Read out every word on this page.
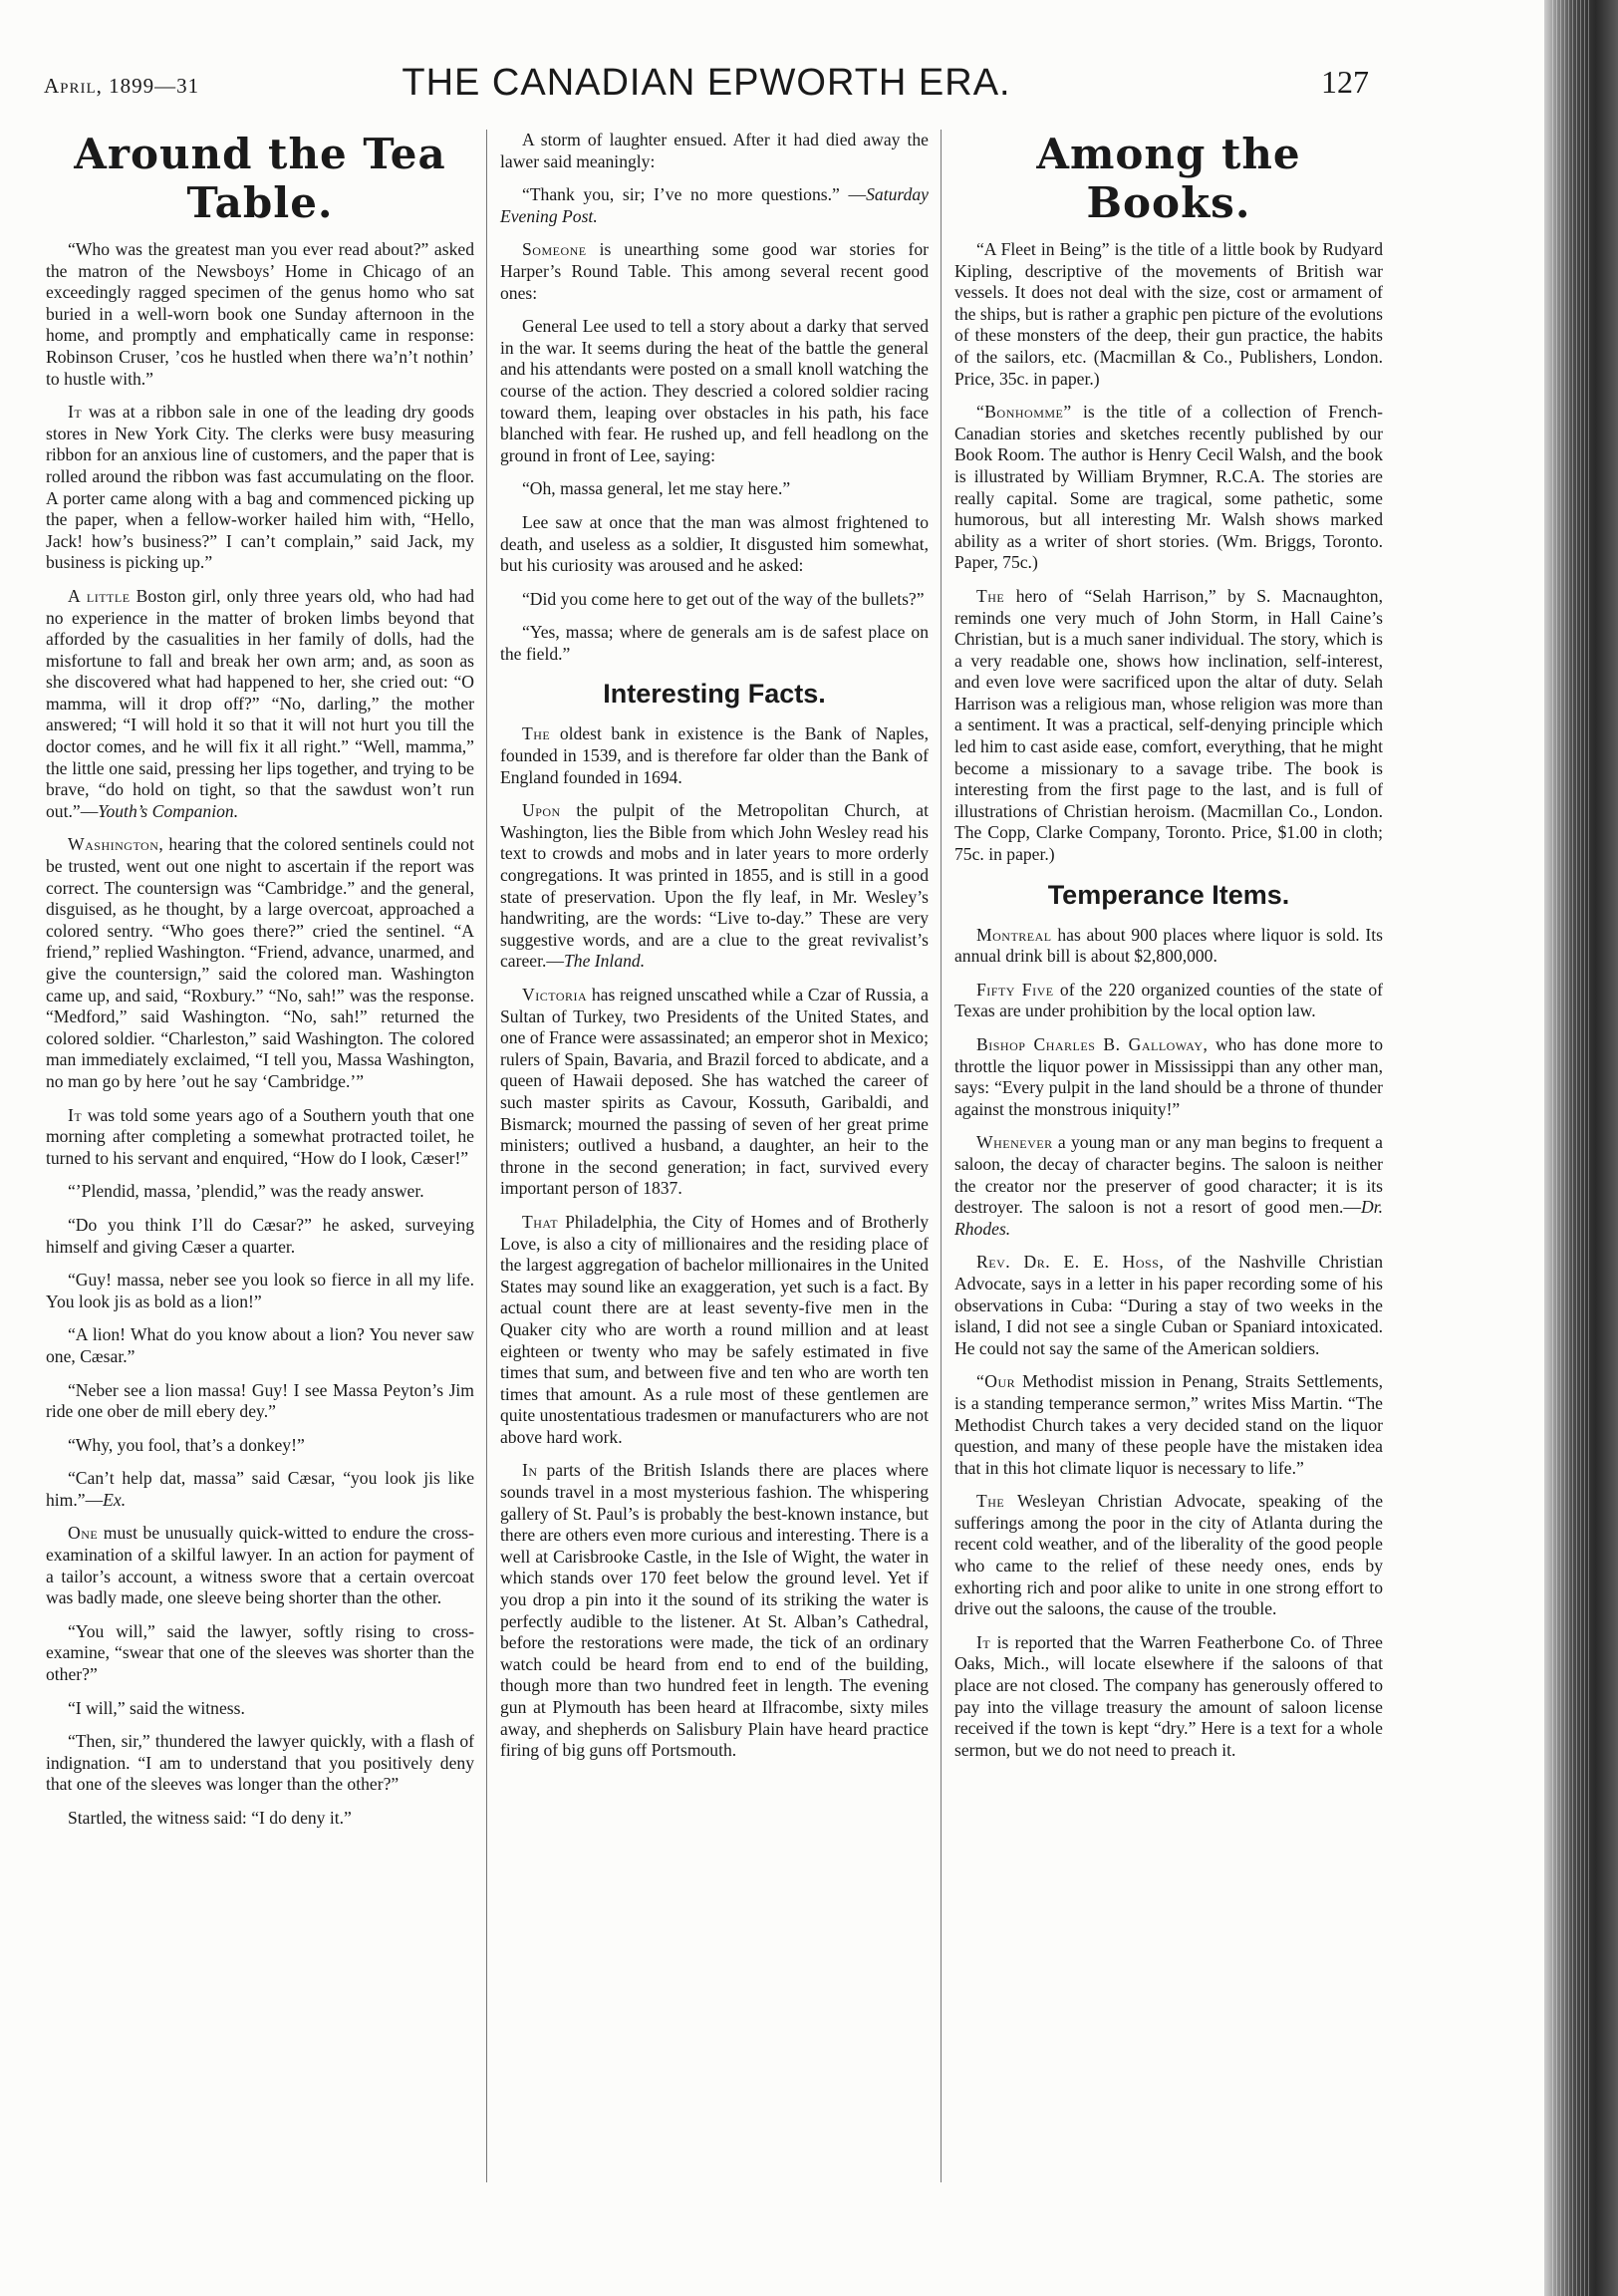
April, 1899—31	THE CANADIAN EPWORTH ERA.	127
Around the Tea Table.

“Who was the greatest man you ever read about?” asked the matron of the Newsboys’ Home in Chicago of an exceedingly ragged specimen of the genus homo who sat buried in a well-worn book one Sunday afternoon in the home, and promptly and emphatically came in response: Robinson Cruser, ’cos he hustled when there wa’n’t nothin’ to hustle with.”

It was at a ribbon sale in one of the leading dry goods stores in New York City. The clerks were busy measuring ribbon for an anxious line of customers, and the paper that is rolled around the ribbon was fast accumulating on the floor. A porter came along with a bag and commenced picking up the paper, when a fellow-worker hailed him with, “Hello, Jack! how’s business?” I can’t complain,” said Jack, my business is picking up.”

A little Boston girl, only three years old, who had had no experience in the matter of broken limbs beyond that afforded by the casualities in her family of dolls, had the misfortune to fall and break her own arm; and, as soon as she discovered what had happened to her, she cried out: “O mamma, will it drop off?” “No, darling,” the mother answered; “I will hold it so that it will not hurt you till the doctor comes, and he will fix it all right.” “Well, mamma,” the little one said, pressing her lips together, and trying to be brave, “do hold on tight, so that the sawdust won’t run out.”—Youth’s Companion.

Washington, hearing that the colored sentinels could not be trusted, went out one night to ascertain if the report was correct. The countersign was “Cambridge.” and the general, disguised, as he thought, by a large overcoat, approached a colored sentry. “Who goes there?” cried the sentinel. “A friend,” replied Washington. “Friend, advance, unarmed, and give the countersign,” said the colored man. Washington came up, and said, “Roxbury.” “No, sah!” was the response. “Medford,” said Washington. “No, sah!” returned the colored soldier. “Charleston,” said Washington. The colored man immediately exclaimed, “I tell you, Massa Washington, no man go by here ’out he say ‘Cambridge.’”

It was told some years ago of a Southern youth that one morning after completing a somewhat protracted toilet, he turned to his servant and enquired, “How do I look, Cæser!”

“’Plendid, massa, ’plendid,” was the ready answer.

“Do you think I’ll do Cæsar?” he asked, surveying himself and giving Cæser a quarter.

“Guy! massa, neber see you look so fierce in all my life. You look jis as bold as a lion!”

“A lion! What do you know about a lion? You never saw one, Cæsar.”

“Neber see a lion massa! Guy! I see Massa Peyton’s Jim ride one ober de mill ebery dey.”

“Why, you fool, that’s a donkey!”

“Can’t help dat, massa” said Cæsar, “you look jis like him.”—Ex.

One must be unusually quick-witted to endure the cross-examination of a skilful lawyer. In an action for payment of a tailor’s account, a witness swore that a certain overcoat was badly made, one sleeve being shorter than the other.

“You will,” said the lawyer, softly rising to cross-examine, “swear that one of the sleeves was shorter than the other?”

“I will,” said the witness.

“Then, sir,” thundered the lawyer quickly, with a flash of indignation. “I am to understand that you positively deny that one of the sleeves was longer than the other?”

Startled, the witness said: “I do deny it.”

A storm of laughter ensued. After it had died away the lawer said meaningly:

“Thank you, sir; I’ve no more questions.” —Saturday Evening Post.

Someone is unearthing some good war stories for Harper’s Round Table. This among several recent good ones:

General Lee used to tell a story about a darky that served in the war. It seems during the heat of the battle the general and his attendants were posted on a small knoll watching the course of the action. They descried a colored soldier racing toward them, leaping over obstacles in his path, his face blanched with fear. He rushed up, and fell headlong on the ground in front of Lee, saying:

“Oh, massa general, let me stay here.”

Lee saw at once that the man was almost frightened to death, and useless as a soldier, It disgusted him somewhat, but his curiosity was aroused and he asked:

“Did you come here to get out of the way of the bullets?”

“Yes, massa; where de generals am is de safest place on the field.”

Interesting Facts.

The oldest bank in existence is the Bank of Naples, founded in 1539, and is therefore far older than the Bank of England founded in 1694.

Upon the pulpit of the Metropolitan Church, at Washington, lies the Bible from which John Wesley read his text to crowds and mobs and in later years to more orderly congregations. It was printed in 1855, and is still in a good state of preservation. Upon the fly leaf, in Mr. Wesley’s handwriting, are the words: “Live to-day.” These are very suggestive words, and are a clue to the great revivalist’s career.—The Inland.

Victoria has reigned unscathed while a Czar of Russia, a Sultan of Turkey, two Presidents of the United States, and one of France were assassinated; an emperor shot in Mexico; rulers of Spain, Bavaria, and Brazil forced to abdicate, and a queen of Hawaii deposed. She has watched the career of such master spirits as Cavour, Kossuth, Garibaldi, and Bismarck; mourned the passing of seven of her great prime ministers; outlived a husband, a daughter, an heir to the throne in the second generation; in fact, survived every important person of 1837.

That Philadelphia, the City of Homes and of Brotherly Love, is also a city of millionaires and the residing place of the largest aggregation of bachelor millionaires in the United States may sound like an exaggeration, yet such is a fact. By actual count there are at least seventy-five men in the Quaker city who are worth a round million and at least eighteen or twenty who may be safely estimated in five times that sum, and between five and ten who are worth ten times that amount. As a rule most of these gentlemen are quite unostentatious tradesmen or manufacturers who are not above hard work.

In parts of the British Islands there are places where sounds travel in a most mysterious fashion. The whispering gallery of St. Paul’s is probably the best-known instance, but there are others even more curious and interesting. There is a well at Carisbrooke Castle, in the Isle of Wight, the water in which stands over 170 feet below the ground level. Yet if you drop a pin into it the sound of its striking the water is perfectly audible to the listener. At St. Alban’s Cathedral, before the restorations were made, the tick of an ordinary watch could be heard from end to end of the building, though more than two hundred feet in length. The evening gun at Plymouth has been heard at Ilfracombe, sixty miles away, and shepherds on Salisbury Plain have heard practice firing of big guns off Portsmouth.

Among the Books.

“A Fleet in Being” is the title of a little book by Rudyard Kipling, descriptive of the movements of British war vessels. It does not deal with the size, cost or armament of the ships, but is rather a graphic pen picture of the evolutions of these monsters of the deep, their gun practice, the habits of the sailors, etc. (Macmillan & Co., Publishers, London. Price, 35c. in paper.)

“Bonhomme” is the title of a collection of French-Canadian stories and sketches recently published by our Book Room. The author is Henry Cecil Walsh, and the book is illustrated by William Brymner, R.C.A. The stories are really capital. Some are tragical, some pathetic, some humorous, but all interesting Mr. Walsh shows marked ability as a writer of short stories. (Wm. Briggs, Toronto. Paper, 75c.)

The hero of “Selah Harrison,” by S. Macnaughton, reminds one very much of John Storm, in Hall Caine’s Christian, but is a much saner individual. The story, which is a very readable one, shows how inclination, self-interest, and even love were sacrificed upon the altar of duty. Selah Harrison was a religious man, whose religion was more than a sentiment. It was a practical, self-denying principle which led him to cast aside ease, comfort, everything, that he might become a missionary to a savage tribe. The book is interesting from the first page to the last, and is full of illustrations of Christian heroism. (Macmillan Co., London. The Copp, Clarke Company, Toronto. Price, $1.00 in cloth; 75c. in paper.)

Temperance Items.

Montreal has about 900 places where liquor is sold. Its annual drink bill is about $2,800,000.

Fifty Five of the 220 organized counties of the state of Texas are under prohibition by the local option law.

Bishop Charles B. Galloway, who has done more to throttle the liquor power in Mississippi than any other man, says: “Every pulpit in the land should be a throne of thunder against the monstrous iniquity!”

Whenever a young man or any man begins to frequent a saloon, the decay of character begins. The saloon is neither the creator nor the preserver of good character; it is its destroyer. The saloon is not a resort of good men.—Dr. Rhodes.

Rev. Dr. E. E. Hoss, of the Nashville Christian Advocate, says in a letter in his paper recording some of his observations in Cuba: “During a stay of two weeks in the island, I did not see a single Cuban or Spaniard intoxicated. He could not say the same of the American soldiers.

“Our Methodist mission in Penang, Straits Settlements, is a standing temperance sermon,” writes Miss Martin. “The Methodist Church takes a very decided stand on the liquor question, and many of these people have the mistaken idea that in this hot climate liquor is necessary to life.”

The Wesleyan Christian Advocate, speaking of the sufferings among the poor in the city of Atlanta during the recent cold weather, and of the liberality of the good people who came to the relief of these needy ones, ends by exhorting rich and poor alike to unite in one strong effort to drive out the saloons, the cause of the trouble.

It is reported that the Warren Featherbone Co. of Three Oaks, Mich., will locate elsewhere if the saloons of that place are not closed. The company has generously offered to pay into the village treasury the amount of saloon license received if the town is kept “dry.” Here is a text for a whole sermon, but we do not need to preach it.
